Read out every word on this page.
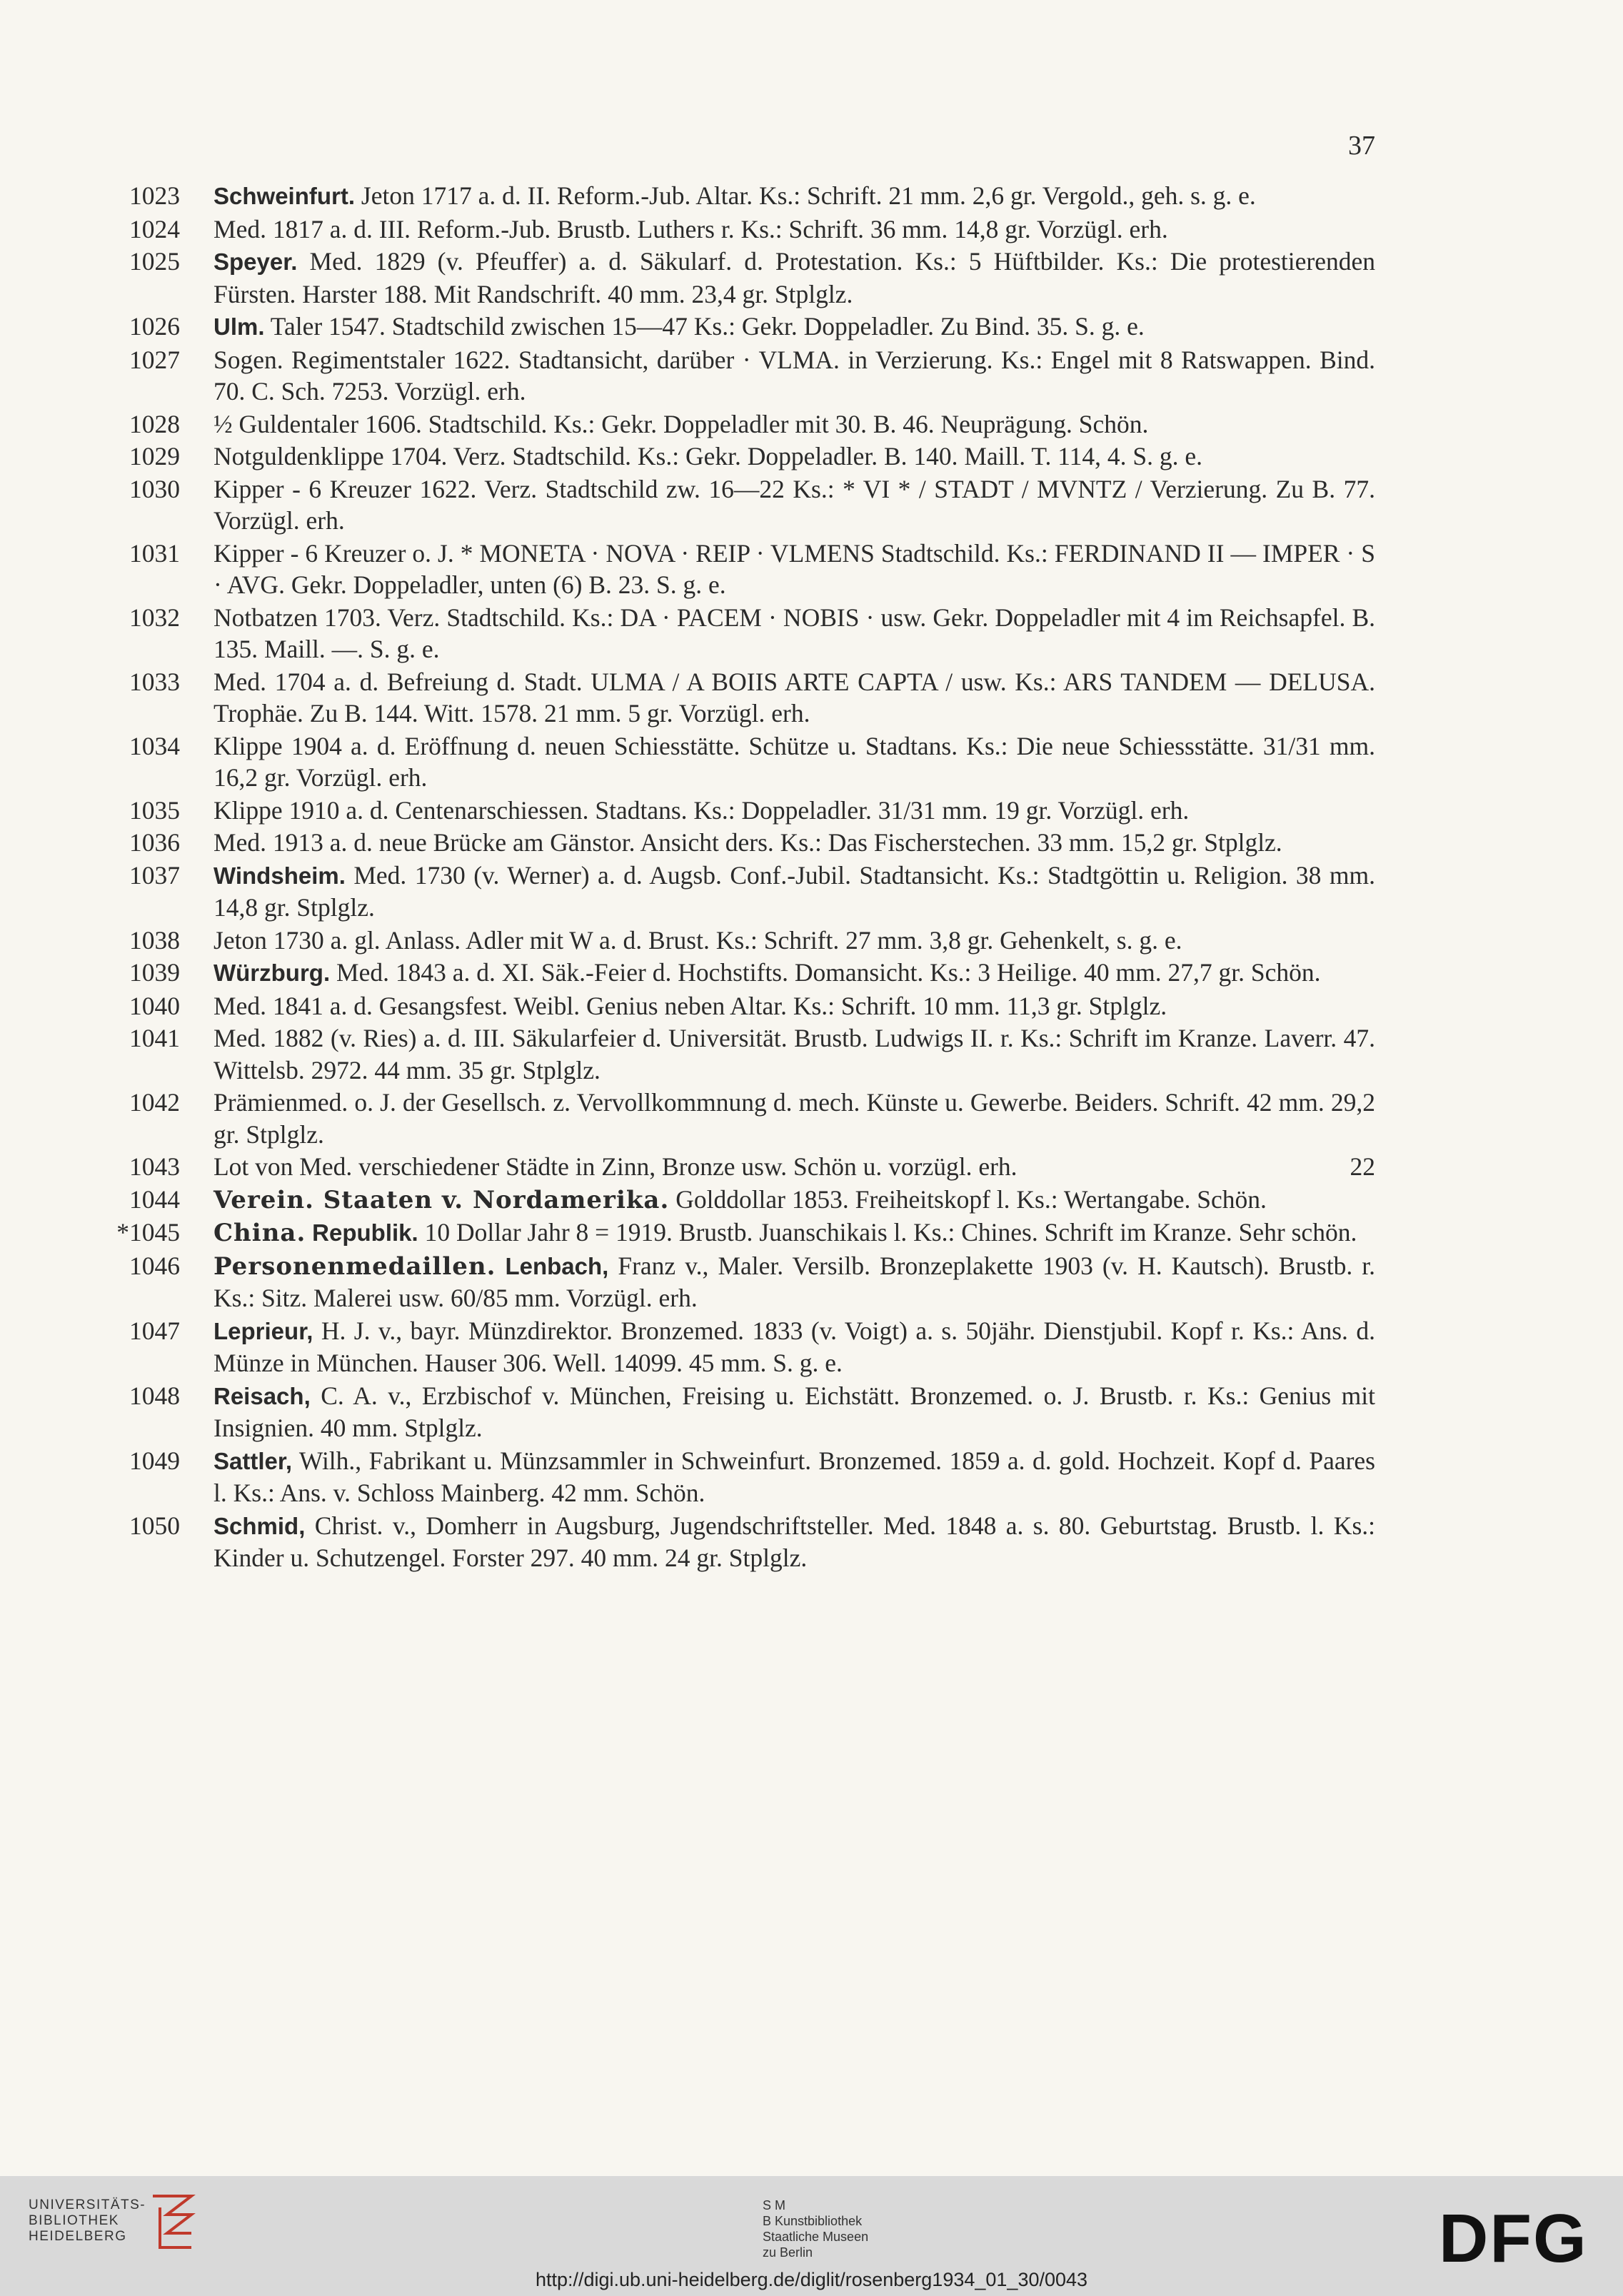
37
1023 Schweinfurt. Jeton 1717 a. d. II. Reform.-Jub. Altar. Ks.: Schrift. 21 mm. 2,6 gr. Vergold., geh. s. g. e.
1024 Med. 1817 a. d. III. Reform.-Jub. Brustb. Luthers r. Ks.: Schrift. 36 mm. 14,8 gr. Vorzügl. erh.
1025 Speyer. Med. 1829 (v. Pfeuffer) a. d. Säkularf. d. Protestation. Ks.: 5 Hüftbilder. Ks.: Die protestierenden Fürsten. Harster 188. Mit Randschrift. 40 mm. 23,4 gr. Stplglz.
1026 Ulm. Taler 1547. Stadtschild zwischen 15—47 Ks.: Gekr. Doppeladler. Zu Bind. 35. S. g. e.
1027 Sogen. Regimentstaler 1622. Stadtansicht, darüber · VLMA. in Verzierung. Ks.: Engel mit 8 Ratswappen. Bind. 70. C. Sch. 7253. Vorzügl. erh.
1028 ½ Guldentaler 1606. Stadtschild. Ks.: Gekr. Doppeladler mit 30. B. 46. Neuprägung. Schön.
1029 Notguldenklippe 1704. Verz. Stadtschild. Ks.: Gekr. Doppeladler. B. 140. Maill. T. 114, 4. S. g. e.
1030 Kipper - 6 Kreuzer 1622. Verz. Stadtschild zw. 16—22 Ks.: * VI * / STADT / MVNTZ / Verzierung. Zu B. 77. Vorzügl. erh.
1031 Kipper - 6 Kreuzer o. J. * MONETA · NOVA · REIP · VLMENS Stadtschild. Ks.: FERDINAND II — IMPER · S · AVG. Gekr. Doppeladler, unten (6) B. 23. S. g. e.
1032 Notbatzen 1703. Verz. Stadtschild. Ks.: DA · PACEM · NOBIS · usw. Gekr. Doppeladler mit 4 im Reichsapfel. B. 135. Maill. —. S. g. e.
1033 Med. 1704 a. d. Befreiung d. Stadt. ULMA / A BOIIS ARTE CAPTA / usw. Ks.: ARS TANDEM — DELUSA. Trophäe. Zu B. 144. Witt. 1578. 21 mm. 5 gr. Vorzügl. erh.
1034 Klippe 1904 a. d. Eröffnung d. neuen Schiesstätte. Schütze u. Stadtans. Ks.: Die neue Schiessstätte. 31/31 mm. 16,2 gr. Vorzügl. erh.
1035 Klippe 1910 a. d. Centenarschiessen. Stadtans. Ks.: Doppeladler. 31/31 mm. 19 gr. Vorzügl. erh.
1036 Med. 1913 a. d. neue Brücke am Gänstor. Ansicht ders. Ks.: Das Fischerstechen. 33 mm. 15,2 gr. Stplglz.
1037 Windsheim. Med. 1730 (v. Werner) a. d. Augsb. Conf.-Jubil. Stadtansicht. Ks.: Stadtgöttin u. Religion. 38 mm. 14,8 gr. Stplglz.
1038 Jeton 1730 a. gl. Anlass. Adler mit W a. d. Brust. Ks.: Schrift. 27 mm. 3,8 gr. Gehenkelt, s. g. e.
1039 Würzburg. Med. 1843 a. d. XI. Säk.-Feier d. Hochstifts. Domansicht. Ks.: 3 Heilige. 40 mm. 27,7 gr. Schön.
1040 Med. 1841 a. d. Gesangsfest. Weibl. Genius neben Altar. Ks.: Schrift. 10 mm. 11,3 gr. Stplglz.
1041 Med. 1882 (v. Ries) a. d. III. Säkularfeier d. Universität. Brustb. Ludwigs II. r. Ks.: Schrift im Kranze. Laverr. 47. Wittelsb. 2972. 44 mm. 35 gr. Stplglz.
1042 Prämienmed. o. J. der Gesellsch. z. Vervollkommnung d. mech. Künste u. Gewerbe. Beiders. Schrift. 42 mm. 29,2 gr. Stplglz.
1043 Lot von Med. verschiedener Städte in Zinn, Bronze usw. Schön u. vorzügl. erh.	22
1044 Verein. Staaten v. Nordamerika. Golddollar 1853. Freiheitskopf l. Ks.: Wertangabe. Schön.
*1045 China. Republik. 10 Dollar Jahr 8 = 1919. Brustb. Juanschikais l. Ks.: Chines. Schrift im Kranze. Sehr schön.
1046 Personenmedaillen. Lenbach, Franz v., Maler. Versilb. Bronzeplakette 1903 (v. H. Kautsch). Brustb. r. Ks.: Sitz. Malerei usw. 60/85 mm. Vorzügl. erh.
1047 Leprieur, H. J. v., bayr. Münzdirektor. Bronzemed. 1833 (v. Voigt) a. s. 50jähr. Dienstjubil. Kopf r. Ks.: Ans. d. Münze in München. Hauser 306. Well. 14099. 45 mm. S. g. e.
1048 Reisach, C. A. v., Erzbischof v. München, Freising u. Eichstätt. Bronzemed. o. J. Brustb. r. Ks.: Genius mit Insignien. 40 mm. Stplglz.
1049 Sattler, Wilh., Fabrikant u. Münzsammler in Schweinfurt. Bronzemed. 1859 a. d. gold. Hochzeit. Kopf d. Paares l. Ks.: Ans. v. Schloss Mainberg. 42 mm. Schön.
1050 Schmid, Christ. v., Domherr in Augsburg, Jugendschriftsteller. Med. 1848 a. s. 80. Geburtstag. Brustb. l. Ks.: Kinder u. Schutzengel. Forster 297. 40 mm. 24 gr. Stplglz.
UNIVERSITÄTS-
BIBLIOTHEK
HEIDELBERG
S M
B Kunstbibliothek
Staatliche Museen
zu Berlin	DFG
http://digi.ub.uni-heidelberg.de/diglit/rosenberg1934_01_30/0043
